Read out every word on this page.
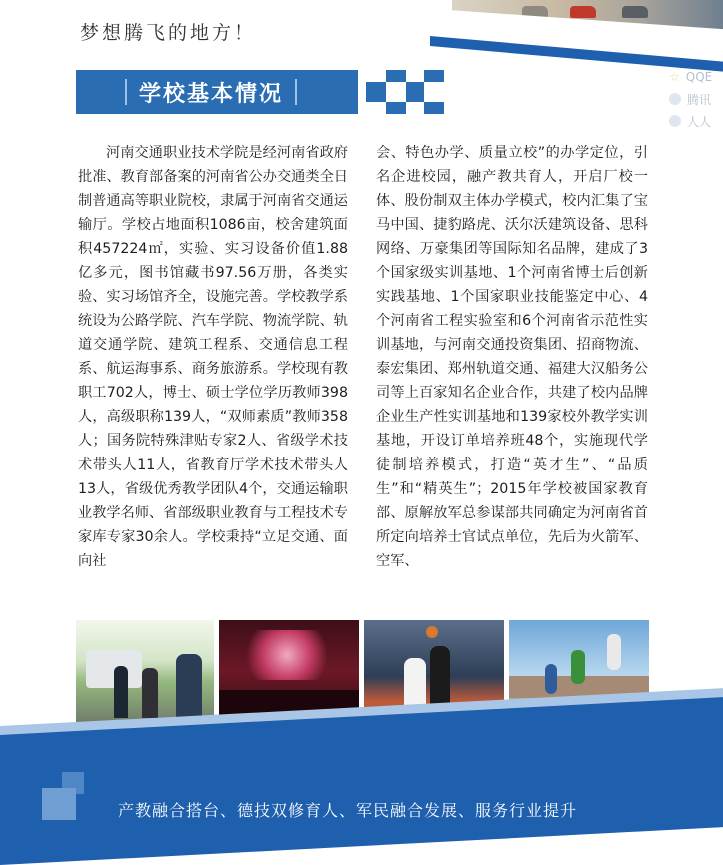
梦想腾飞的地方！
☆ QQE
腾讯
人人
学校基本情况
河南交通职业技术学院是经河南省政府批准、教育部备案的河南省公办交通类全日制普通高等职业院校，隶属于河南省交通运输厅。学校占地面积1086亩，校舍建筑面积457224㎡，实验、实习设备价值1.88亿多元，图书馆藏书97.56万册，各类实验、实习场馆齐全，设施完善。学校教学系统设为公路学院、汽车学院、物流学院、轨道交通学院、建筑工程系、交通信息工程系、航运海事系、商务旅游系。学校现有教职工702人，博士、硕士学位学历教师398人，高级职称139人，“双师素质”教师358人；国务院特殊津贴专家2人、省级学术技术带头人11人，省教育厅学术技术带头人13人，省级优秀教学团队4个，交通运输职业教学名师、省部级职业教育与工程技术专家库专家30余人。学校秉持“立足交通、面向社
会、特色办学、质量立校”的办学定位，引名企进校园，融产教共育人，开启厂校一体、股份制双主体办学模式，校内汇集了宝马中国、捷豹路虎、沃尔沃建筑设备、思科网络、万豪集团等国际知名品牌，建成了3个国家级实训基地、1个河南省博士后创新实践基地、1个国家职业技能鉴定中心、4个河南省工程实验室和6个河南省示范性实训基地，与河南交通投资集团、招商物流、泰宏集团、郑州轨道交通、福建大汉船务公司等上百家知名企业合作，共建了校内品牌企业生产性实训基地和139家校外教学实训基地，开设订单培养班48个，实施现代学徒制培养模式，打造“英才生”、“品质生”和“精英生”；2015年学校被国家教育部、原解放军总参谋部共同确定为河南省首所定向培养士官试点单位，先后为火箭军、空军、
产教融合搭台、德技双修育人、军民融合发展、服务行业提升
